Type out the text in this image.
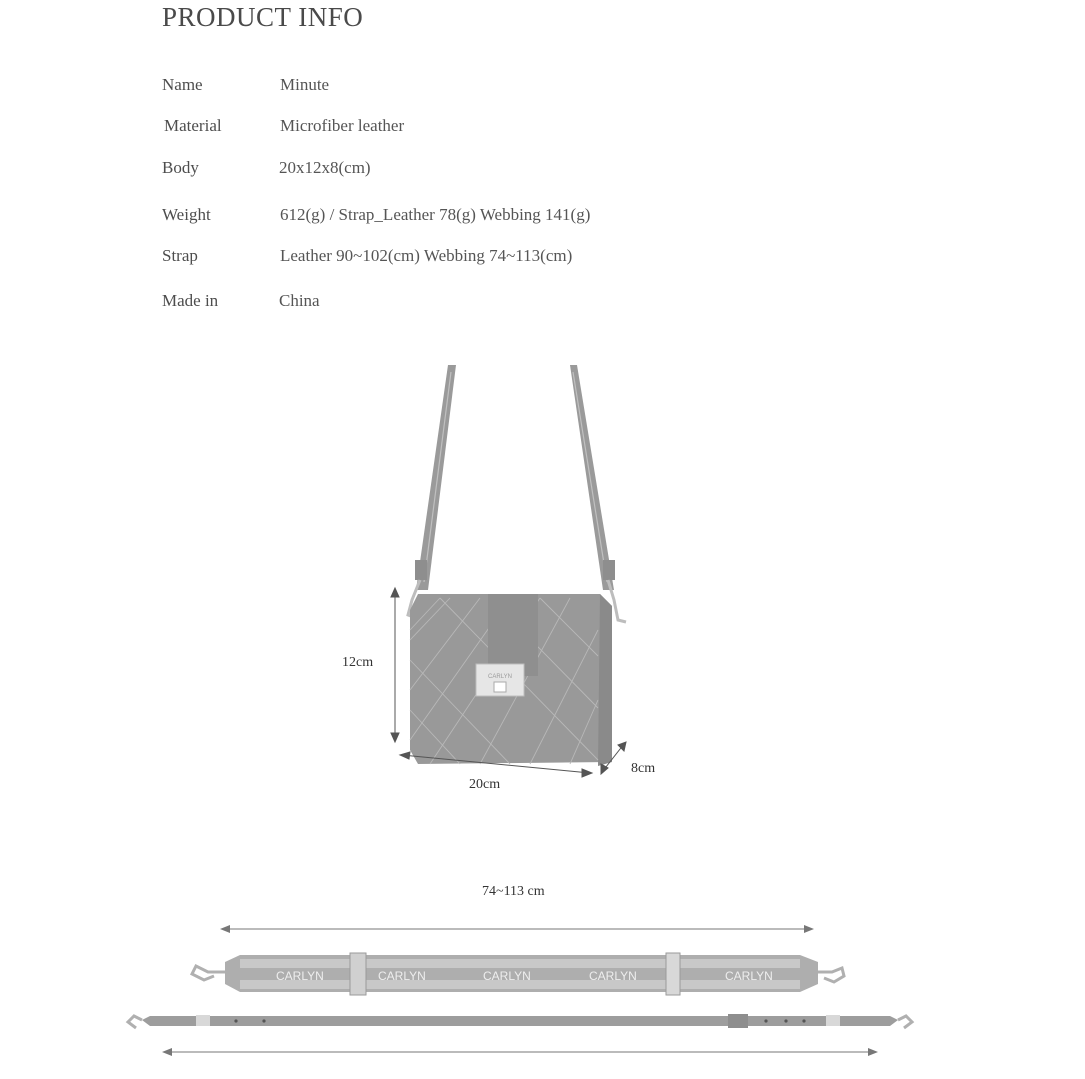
PRODUCT INFO
Name	Minute
Material	Microfiber leather
Body	20x12x8(cm)
Weight	612(g) / Strap_Leather 78(g) Webbing 141(g)
Strap	Leather 90~102(cm) Webbing 74~113(cm)
Made in	China
CARLYN
CARLYN	CARLYN	CARLYN	CARLYN	CARLYN
12cm
20cm
8cm
74~113 cm
